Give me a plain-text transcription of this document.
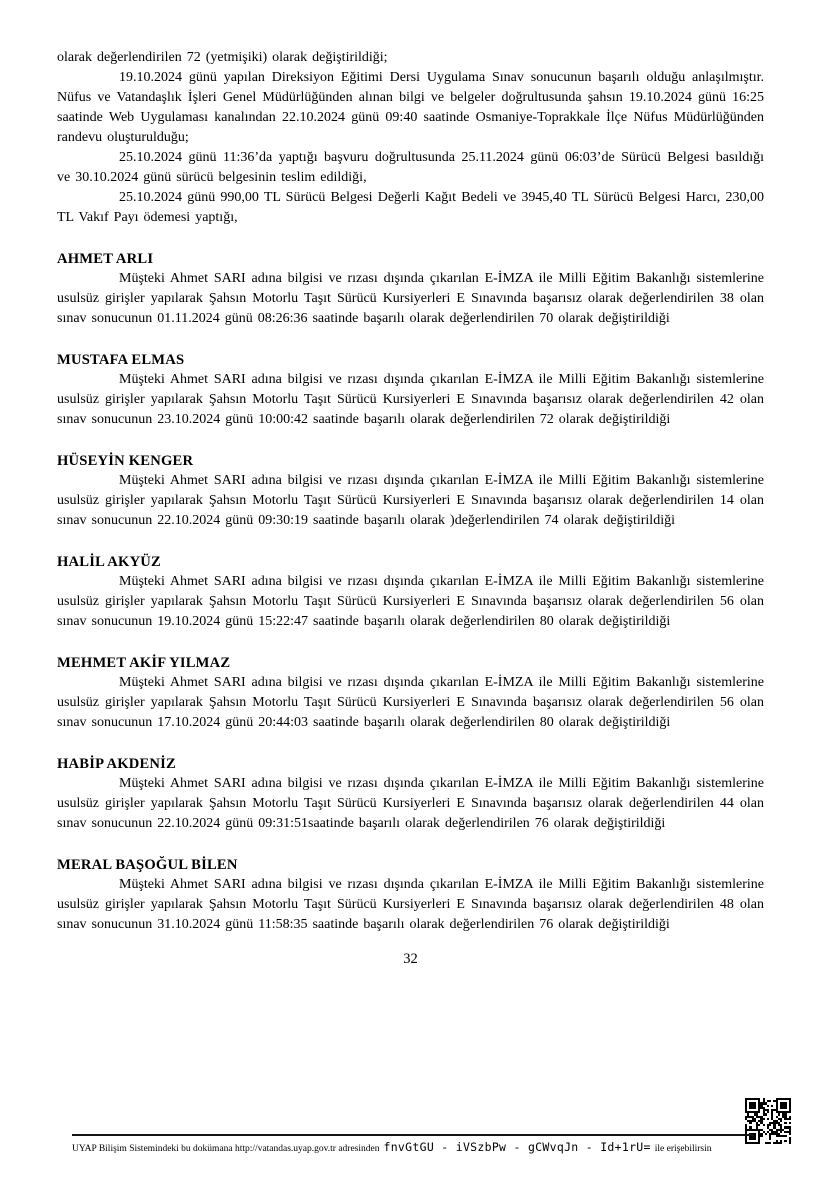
olarak değerlendirilen 72 (yetmişiki) olarak değiştirildiği;

19.10.2024 günü yapılan Direksiyon Eğitimi Dersi Uygulama Sınav sonucunun başarılı olduğu anlaşılmıştır. Nüfus ve Vatandaşlık İşleri Genel Müdürlüğünden alınan bilgi ve belgeler doğrultusunda şahsın 19.10.2024 günü 16:25 saatinde Web Uygulaması kanalından 22.10.2024 günü 09:40 saatinde Osmaniye-Toprakkale İlçe Nüfus Müdürlüğünden randevu oluşturulduğu;

25.10.2024 günü 11:36’da yaptığı başvuru doğrultusunda 25.11.2024 günü 06:03’de Sürücü Belgesi basıldığı ve 30.10.2024 günü sürücü belgesinin teslim edildiği,

25.10.2024 günü 990,00 TL Sürücü Belgesi Değerli Kağıt Bedeli ve 3945,40 TL Sürücü Belgesi Harcı, 230,00 TL Vakıf Payı ödemesi yaptığı,

AHMET ARLI

Müşteki Ahmet SARI adına bilgisi ve rızası dışında çıkarılan E-İMZA ile Milli Eğitim Bakanlığı sistemlerine usulsüz girişler yapılarak Şahsın Motorlu Taşıt Sürücü Kursiyerleri E Sınavında başarısız olarak değerlendirilen 38 olan sınav sonucunun 01.11.2024 günü 08:26:36 saatinde başarılı olarak değerlendirilen 70 olarak değiştirildiği

MUSTAFA ELMAS

Müşteki Ahmet SARI adına bilgisi ve rızası dışında çıkarılan E-İMZA ile Milli Eğitim Bakanlığı sistemlerine usulsüz girişler yapılarak Şahsın Motorlu Taşıt Sürücü Kursiyerleri E Sınavında başarısız olarak değerlendirilen 42 olan sınav sonucunun 23.10.2024 günü 10:00:42 saatinde başarılı olarak değerlendirilen 72 olarak değiştirildiği

HÜSEYİN KENGER

Müşteki Ahmet SARI adına bilgisi ve rızası dışında çıkarılan E-İMZA ile Milli Eğitim Bakanlığı sistemlerine usulsüz girişler yapılarak Şahsın Motorlu Taşıt Sürücü Kursiyerleri E Sınavında başarısız olarak değerlendirilen 14 olan sınav sonucunun 22.10.2024 günü 09:30:19 saatinde başarılı olarak )değerlendirilen 74 olarak değiştirildiği

HALİL AKYÜZ

Müşteki Ahmet SARI adına bilgisi ve rızası dışında çıkarılan E-İMZA ile Milli Eğitim Bakanlığı sistemlerine usulsüz girişler yapılarak Şahsın Motorlu Taşıt Sürücü Kursiyerleri E Sınavında başarısız olarak değerlendirilen 56 olan sınav sonucunun 19.10.2024 günü 15:22:47 saatinde başarılı olarak değerlendirilen 80 olarak değiştirildiği

MEHMET AKİF YILMAZ

Müşteki Ahmet SARI adına bilgisi ve rızası dışında çıkarılan E-İMZA ile Milli Eğitim Bakanlığı sistemlerine usulsüz girişler yapılarak Şahsın Motorlu Taşıt Sürücü Kursiyerleri E Sınavında başarısız olarak değerlendirilen 56 olan sınav sonucunun 17.10.2024 günü 20:44:03 saatinde başarılı olarak değerlendirilen 80 olarak değiştirildiği

HABİP AKDENİZ

Müşteki Ahmet SARI adına bilgisi ve rızası dışında çıkarılan E-İMZA ile Milli Eğitim Bakanlığı sistemlerine usulsüz girişler yapılarak Şahsın Motorlu Taşıt Sürücü Kursiyerleri E Sınavında başarısız olarak değerlendirilen 44 olan sınav sonucunun 22.10.2024 günü 09:31:51saatinde başarılı olarak değerlendirilen 76 olarak değiştirildiği

MERAL BAŞOĞUL BİLEN

Müşteki Ahmet SARI adına bilgisi ve rızası dışında çıkarılan E-İMZA ile Milli Eğitim Bakanlığı sistemlerine usulsüz girişler yapılarak Şahsın Motorlu Taşıt Sürücü Kursiyerleri E Sınavında başarısız olarak değerlendirilen 48 olan sınav sonucunun 31.10.2024 günü 11:58:35 saatinde başarılı olarak değerlendirilen 76 olarak değiştirildiği

32
UYAP Bilişim Sistemindeki bu dokümana http://vatandas.uyap.gov.tr adresinden fnvGtGU - iVSzbPw - gCWvqJn - Id+1rU= ile erişebilirsin
